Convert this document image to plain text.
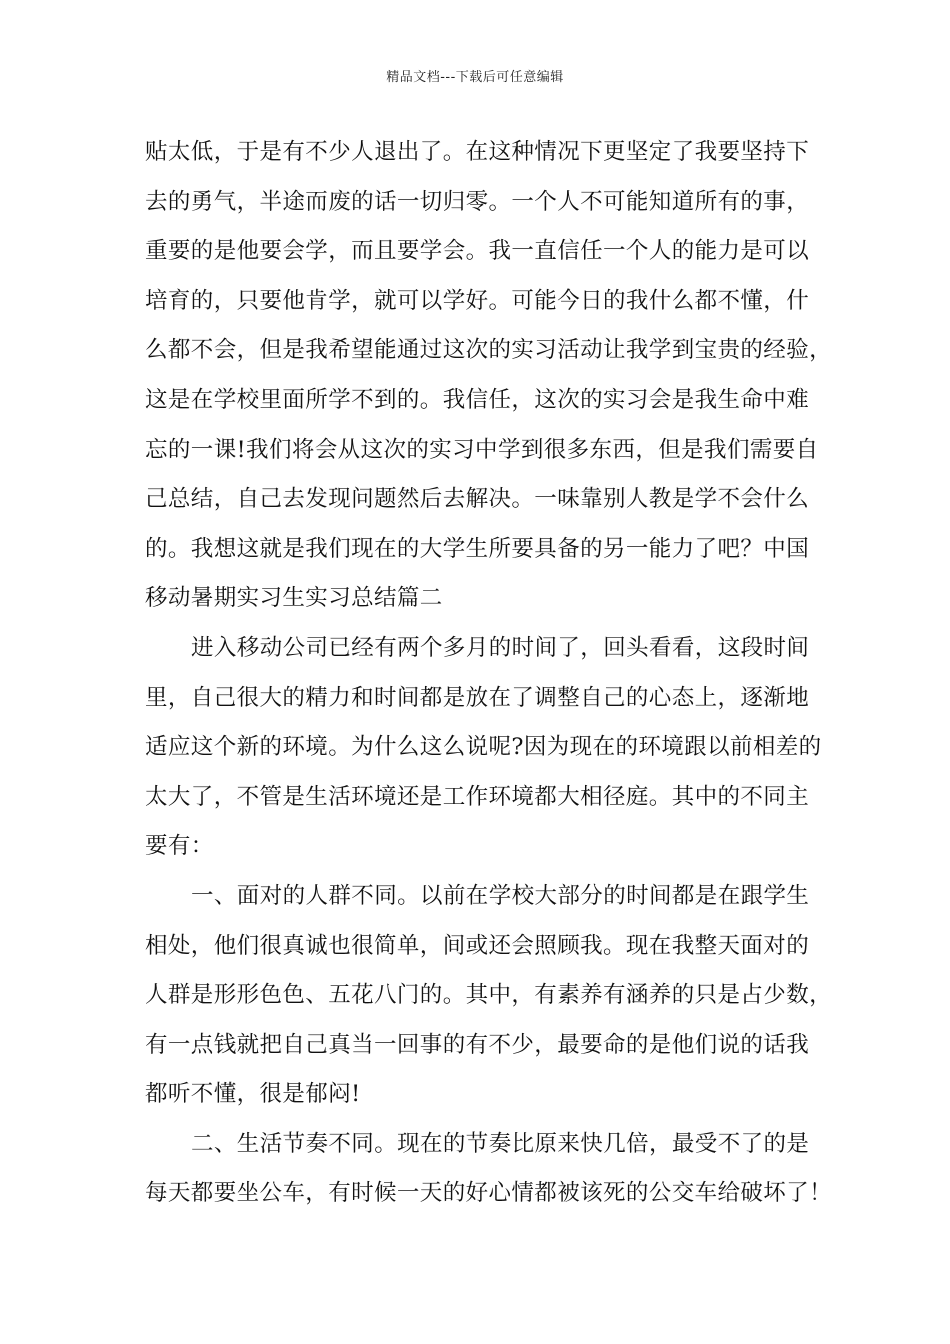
精品文档---下载后可任意编辑
贴太低，于是有不少人退出了。在这种情况下更坚定了我要坚持下
去的勇气，半途而废的话一切归零。一个人不可能知道所有的事，
重要的是他要会学，而且要学会。我一直信任一个人的能力是可以
培育的，只要他肯学，就可以学好。可能今日的我什么都不懂，什
么都不会，但是我希望能通过这次的实习活动让我学到宝贵的经验，
这是在学校里面所学不到的。我信任，这次的实习会是我生命中难
忘的一课!我们将会从这次的实习中学到很多东西，但是我们需要自
己总结，自己去发现问题然后去解决。一味靠别人教是学不会什么
的。我想这就是我们现在的大学生所要具备的另一能力了吧？中国
移动暑期实习生实习总结篇二
进入移动公司已经有两个多月的时间了，回头看看，这段时间
里，自己很大的精力和时间都是放在了调整自己的心态上，逐渐地
适应这个新的环境。为什么这么说呢?因为现在的环境跟以前相差的
太大了，不管是生活环境还是工作环境都大相径庭。其中的不同主
要有：
一、面对的人群不同。以前在学校大部分的时间都是在跟学生
相处，他们很真诚也很简单，间或还会照顾我。现在我整天面对的
人群是形形色色、五花八门的。其中，有素养有涵养的只是占少数，
有一点钱就把自己真当一回事的有不少，最要命的是他们说的话我
都听不懂，很是郁闷!
二、生活节奏不同。现在的节奏比原来快几倍，最受不了的是
每天都要坐公车，有时候一天的好心情都被该死的公交车给破坏了！
